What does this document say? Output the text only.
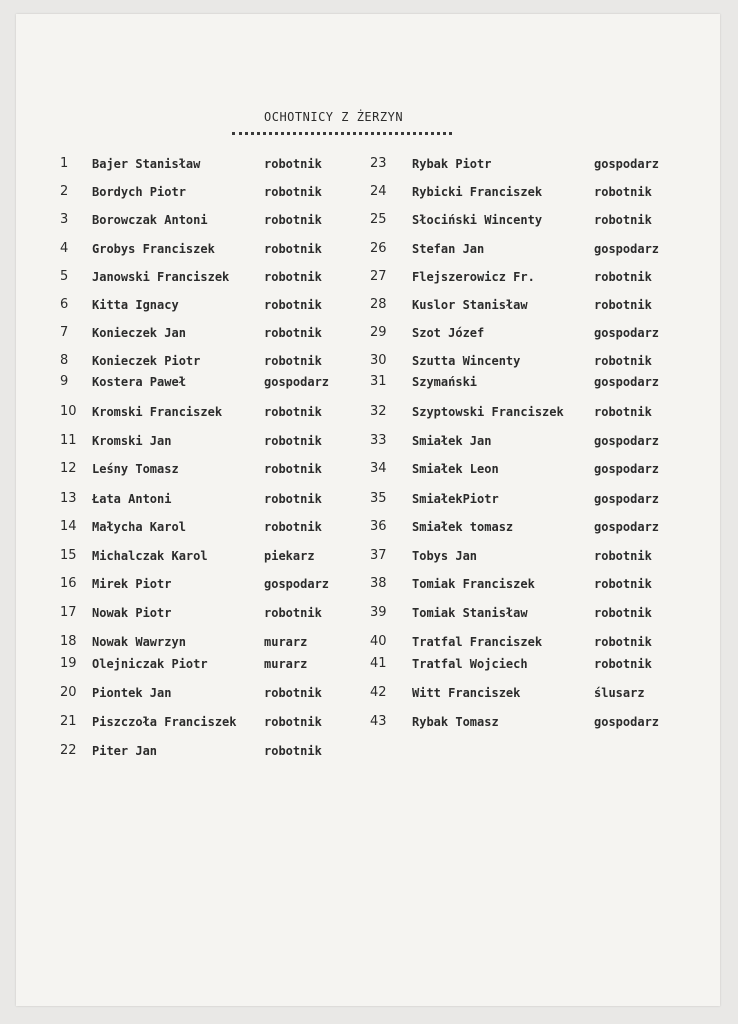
OCHOTNICY Z ŻERZYN
1 Bajer Stanisław	robotnik
2 Bordych Piotr	robotnik
3 Borowczak Antoni	robotnik
4 Grobys Franciszek	robotnik
5 Janowski Franciszek	robotnik
6 Kitta Ignacy	robotnik
7 Konieczek Jan	robotnik
8 Konieczek Piotr	robotnik
9 Kostera Paweł	gospodarz
10 Kromski Franciszek	robotnik
11 Kromski Jan	robotnik
12 Leśny Tomasz	robotnik
13 Łata Antoni	robotnik
14 Małycha Karol	robotnik
15 Michalczak Karol	piekarz
16 Mirek Piotr	gospodarz
17 Nowak Piotr	robotnik
18 Nowak Wawrzyn	murarz
19 Olejniczak Piotr	murarz
20 Piontek Jan	robotnik
21 Piszczoła Franciszek robotnik
22 Piter Jan	robotnik
23 Rybak Piotr	gospodarz
24 Rybicki Franciszek	robotnik
25 Słociński Wincenty	robotnik
26 Stefan Jan	gospodarz
27 Flejszerowicz Fr.	robotnik
28 Kuslor Stanisław	robotnik
29 Szot Józef	gospodarz
30 Szutta Wincenty	robotnik
31 Szymański	gospodarz
32 Szyptowski Franciszek	robotnik
33 Smiałek Jan	gospodarz
34 Smiałek Leon	gospodarz
35 SmiałekPiotr	gospodarz
36 Smiałek tomasz	gospodarz
37 Tobys Jan	robotnik
38 Tomiak Franciszek	robotnik
39 Tomiak Stanisław	robotnik
40 Tratfal Franciszek	robotnik
41 Tratfal Wojciech	robotnik
42 Witt Franciszek	ślusarz
43 Rybak Tomasz	gospodarz
